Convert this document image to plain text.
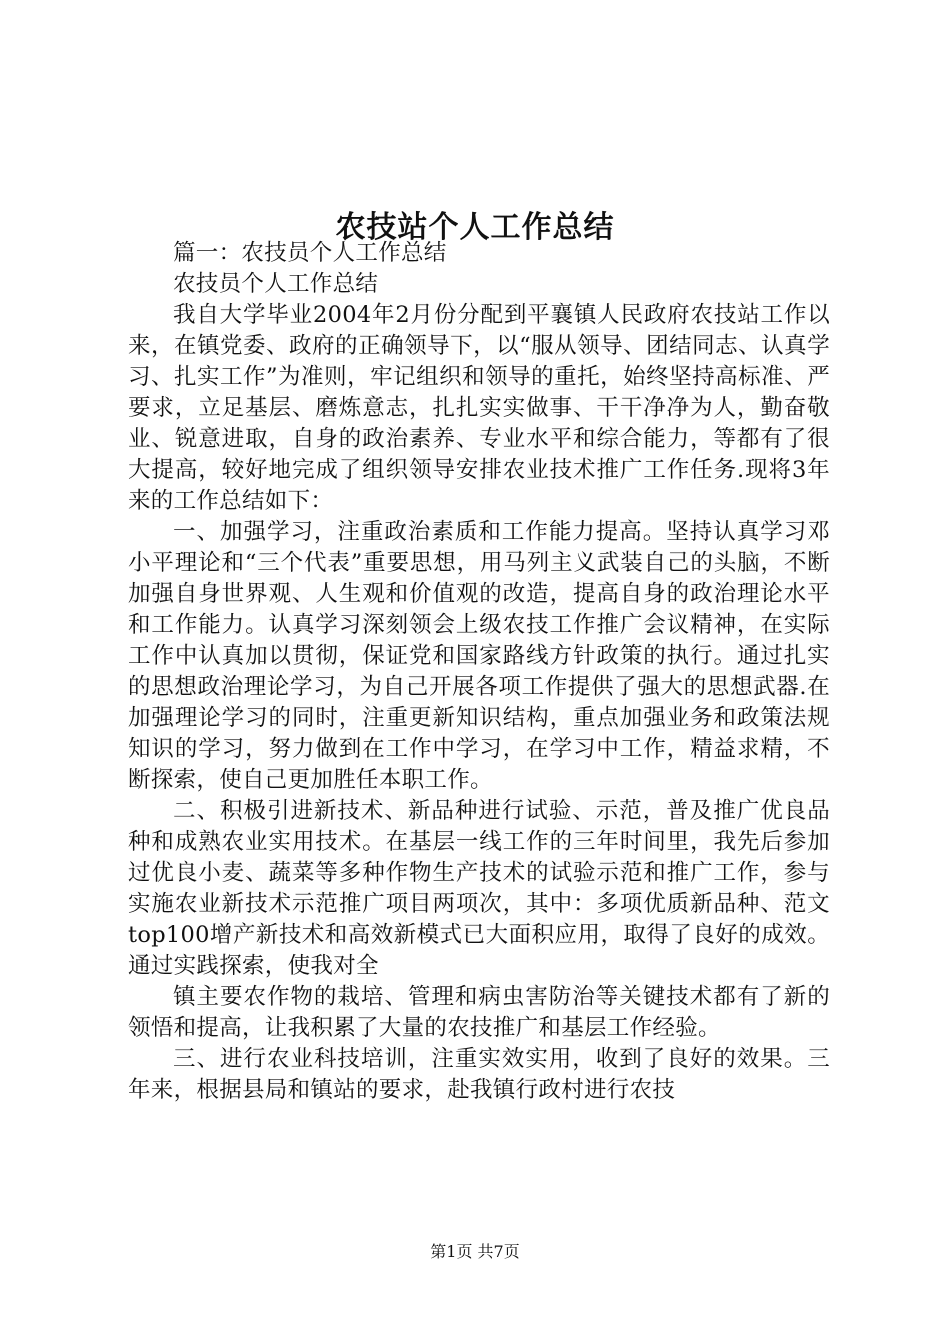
农技站个人工作总结

篇一：农技员个人工作总结

农技员个人工作总结

我自大学毕业2004年2月份分配到平襄镇人民政府农技站工作以来，在镇党委、政府的正确领导下，以“服从领导、团结同志、认真学习、扎实工作”为准则，牢记组织和领导的重托，始终坚持高标准、严要求，立足基层、磨炼意志，扎扎实实做事、干干净净为人，勤奋敬业、锐意进取，自身的政治素养、专业水平和综合能力，等都有了很大提高，较好地完成了组织领导安排农业技术推广工作任务.现将3年来的工作总结如下：

一、加强学习，注重政治素质和工作能力提高。坚持认真学习邓小平理论和“三个代表”重要思想，用马列主义武装自己的头脑，不断加强自身世界观、人生观和价值观的改造，提高自身的政治理论水平和工作能力。认真学习深刻领会上级农技工作推广会议精神，在实际工作中认真加以贯彻，保证党和国家路线方针政策的执行。通过扎实的思想政治理论学习，为自己开展各项工作提供了强大的思想武器.在加强理论学习的同时，注重更新知识结构，重点加强业务和政策法规知识的学习，努力做到在工作中学习，在学习中工作，精益求精，不断探索，使自己更加胜任本职工作。

二、积极引进新技术、新品种进行试验、示范，普及推广优良品种和成熟农业实用技术。在基层一线工作的三年时间里，我先后参加过优良小麦、蔬菜等多种作物生产技术的试验示范和推广工作，参与实施农业新技术示范推广项目两项次，其中：多项优质新品种、范文top100增产新技术和高效新模式已大面积应用，取得了良好的成效。通过实践探索，使我对全

镇主要农作物的栽培、管理和病虫害防治等关键技术都有了新的领悟和提高，让我积累了大量的农技推广和基层工作经验。

三、进行农业科技培训，注重实效实用，收到了良好的效果。三年来，根据县局和镇站的要求，赴我镇行政村进行农技

第1页 共7页
